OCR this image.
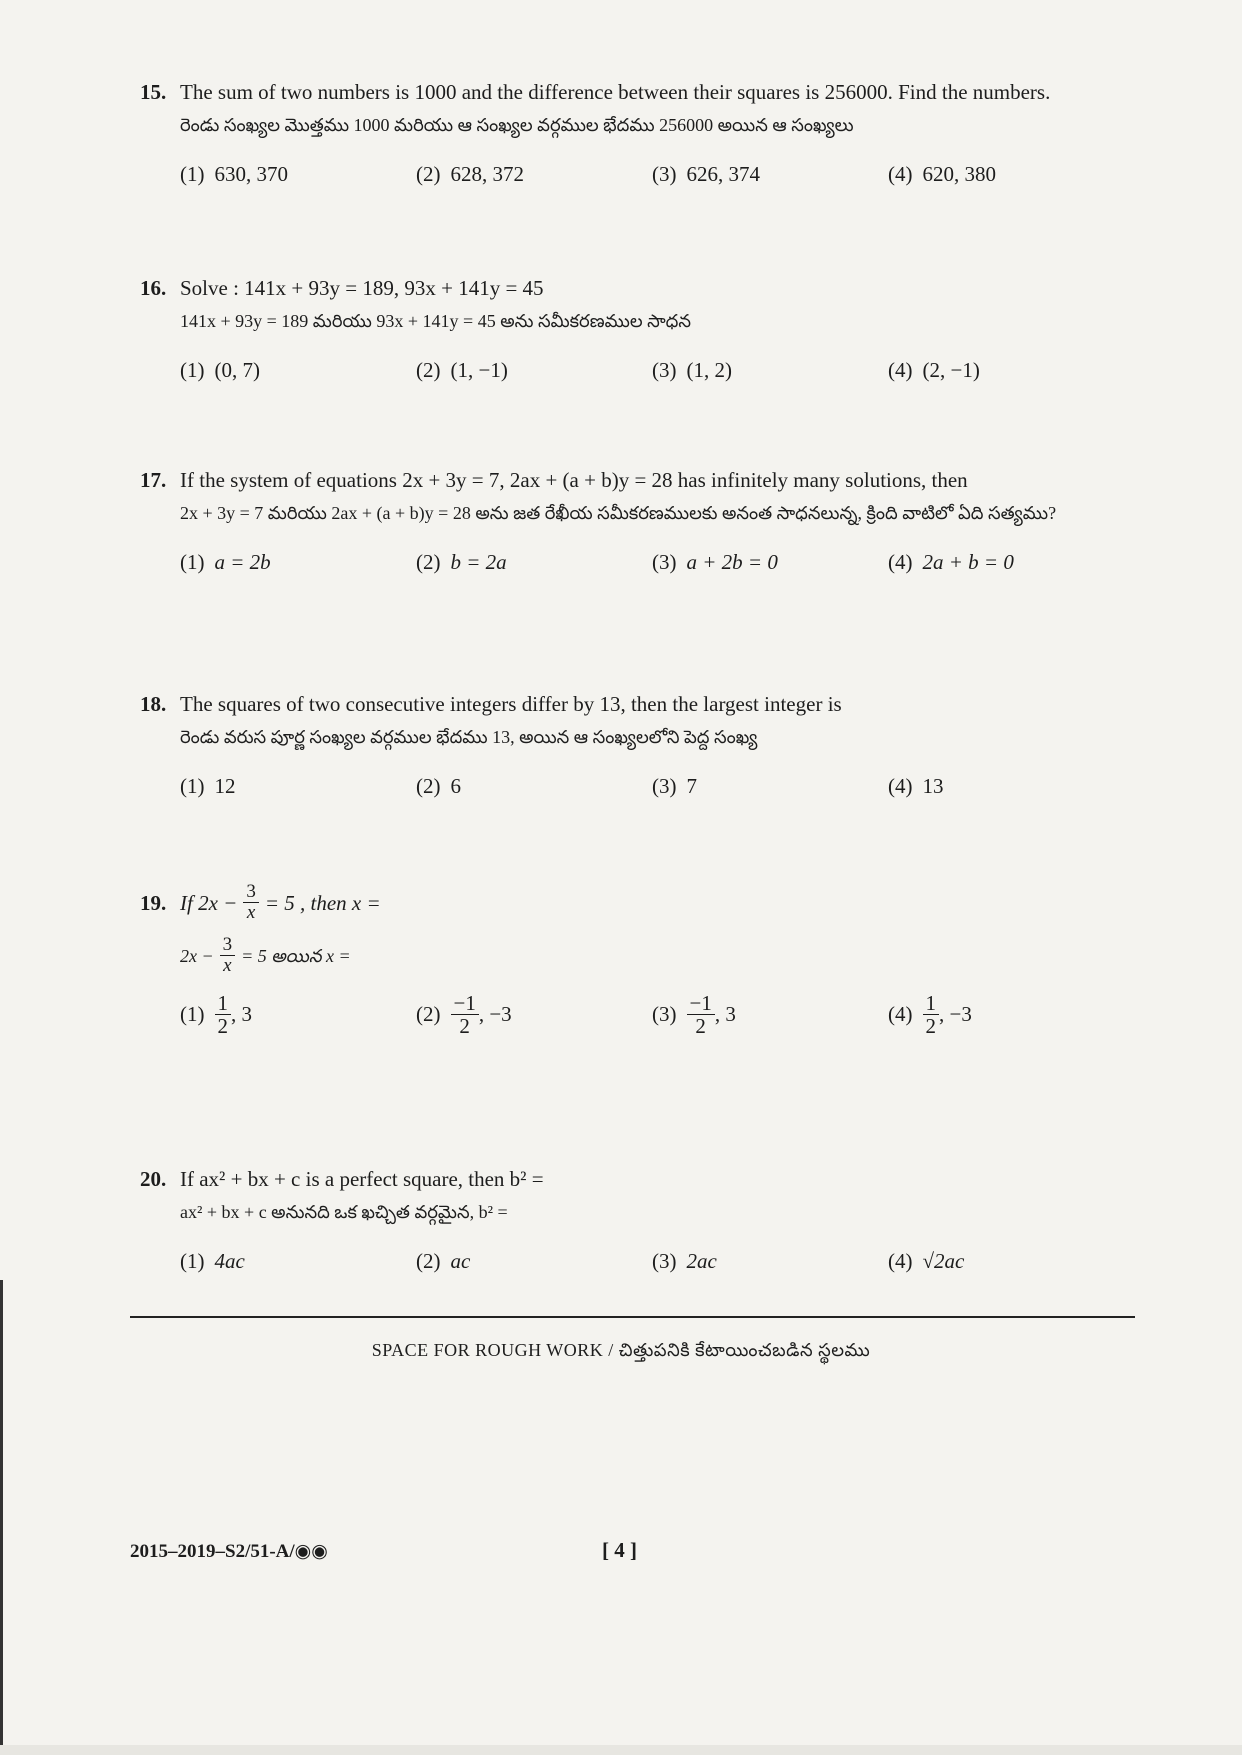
15. The sum of two numbers is 1000 and the difference between their squares is 256000. Find the numbers.
రెండు సంఖ్యల మొత్తము 1000 మరియు ఆ సంఖ్యల వర్గముల భేదము 256000 అయిన ఆ సంఖ్యలు
(1) 630, 370	(2) 628, 372	(3) 626, 374	(4) 620, 380
16. Solve : 141x + 93y = 189, 93x + 141y = 45
141x + 93y = 189 మరియు 93x + 141y = 45 అను సమీకరణముల సాధన
(1) (0, 7)	(2) (1, −1)	(3) (1, 2)	(4) (2, −1)
17. If the system of equations 2x + 3y = 7, 2ax + (a + b)y = 28 has infinitely many solutions, then
2x + 3y = 7 మరియు 2ax + (a + b)y = 28 అను జత రేఖీయ సమీకరణములకు అనంత సాధనలున్న, క్రింది వాటిలో ఏది సత్యము?
(1) a = 2b	(2) b = 2a	(3) a + 2b = 0	(4) 2a + b = 0
18. The squares of two consecutive integers differ by 13, then the largest integer is
రెండు వరుస పూర్ణ సంఖ్యల వర్గముల భేదము 13, అయిన ఆ సంఖ్యలలోని పెద్ద సంఖ్య
(1) 12	(2) 6	(3) 7	(4) 13
19. If $2x - \frac{3}{x} = 5$ , then x =
$2x - \frac{3}{x} = 5$ అయిన x =
(1) 1
2 , 3	(2) −1
2 , −3	(3) −1
2 , 3	(4) 1
2 , −3
20. If ax² + bx + c is a perfect square, then b² =
ax² + bx + c అనునది ఒక ఖచ్చిత వర్గమైన, b² =
(1) 4ac	(2) ac	(3) 2ac	(4) √2ac
SPACE FOR ROUGH WORK / చిత్తుపనికి కేటాయించబడిన స్థలము
2015–2019–S2/51-A/◉◉	[ 4 ]
